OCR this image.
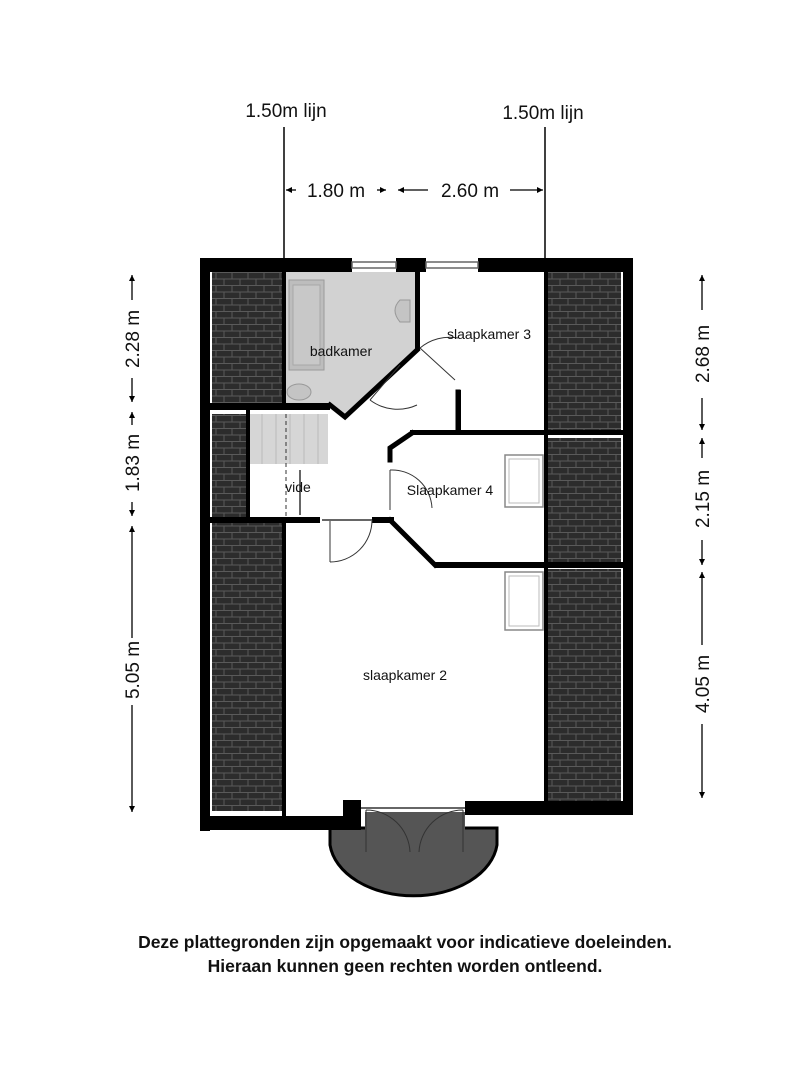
1.50m lijn	1.50m lijn
1.80 m	2.60 m
2.28 m
1.83 m
5.05 m
2.68 m
2.15 m
4.05 m
badkamer
slaapkamer 3
Slaapkamer 4
vide
slaapkamer 2
Deze plattegronden zijn opgemaakt voor indicatieve doeleinden.
Hieraan kunnen geen rechten worden ontleend.
